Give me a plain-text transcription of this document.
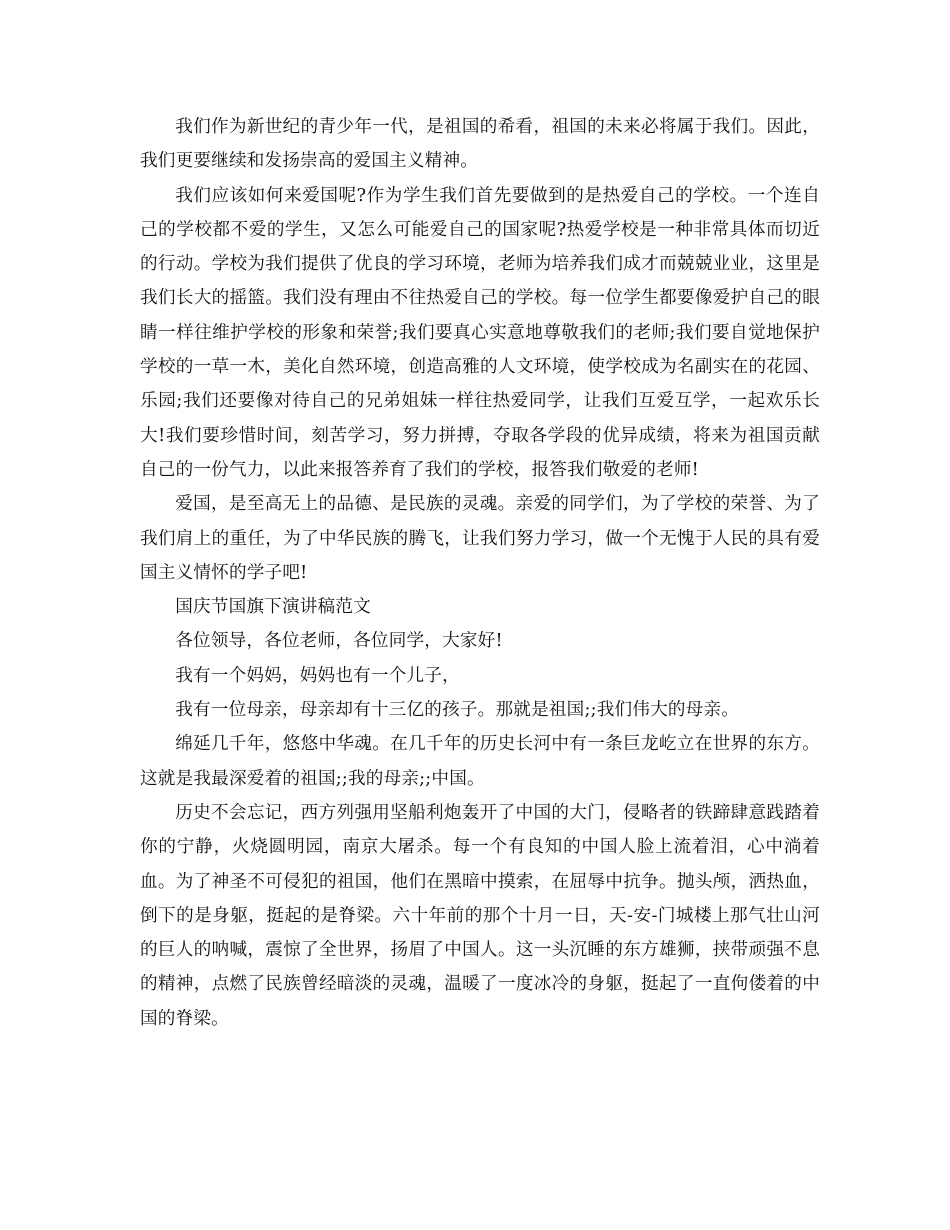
我们作为新世纪的青少年一代，是祖国的希看，祖国的未来必将属于我们。因此，我们更要继续和发扬崇高的爱国主义精神。

我们应该如何来爱国呢?作为学生我们首先要做到的是热爱自己的学校。一个连自己的学校都不爱的学生，又怎么可能爱自己的国家呢?热爱学校是一种非常具体而切近的行动。学校为我们提供了优良的学习环境，老师为培养我们成才而兢兢业业，这里是我们长大的摇篮。我们没有理由不往热爱自己的学校。每一位学生都要像爱护自己的眼睛一样往维护学校的形象和荣誉;我们要真心实意地尊敬我们的老师;我们要自觉地保护学校的一草一木，美化自然环境，创造高雅的人文环境，使学校成为名副实在的花园、乐园;我们还要像对待自己的兄弟姐妹一样往热爱同学，让我们互爱互学，一起欢乐长大!我们要珍惜时间，刻苦学习，努力拼搏，夺取各学段的优异成绩，将来为祖国贡献自己的一份气力，以此来报答养育了我们的学校，报答我们敬爱的老师!

爱国，是至高无上的品德、是民族的灵魂。亲爱的同学们，为了学校的荣誉、为了我们肩上的重任，为了中华民族的腾飞，让我们努力学习，做一个无愧于人民的具有爱国主义情怀的学子吧!

国庆节国旗下演讲稿范文

各位领导，各位老师，各位同学，大家好!

我有一个妈妈，妈妈也有一个儿子，

我有一位母亲，母亲却有十三亿的孩子。那就是祖国;;我们伟大的母亲。

绵延几千年，悠悠中华魂。在几千年的历史长河中有一条巨龙屹立在世界的东方。这就是我最深爱着的祖国;;我的母亲;;中国。

历史不会忘记，西方列强用坚船利炮轰开了中国的大门，侵略者的铁蹄肆意践踏着你的宁静，火烧圆明园，南京大屠杀。每一个有良知的中国人脸上流着泪，心中淌着血。为了神圣不可侵犯的祖国，他们在黑暗中摸索，在屈辱中抗争。抛头颅，洒热血，倒下的是身躯，挺起的是脊梁。六十年前的那个十月一日，天-安-门城楼上那气壮山河的巨人的呐喊，震惊了全世界，扬眉了中国人。这一头沉睡的东方雄狮，挟带顽强不息的精神，点燃了民族曾经暗淡的灵魂，温暖了一度冰冷的身躯，挺起了一直佝偻着的中国的脊梁。
